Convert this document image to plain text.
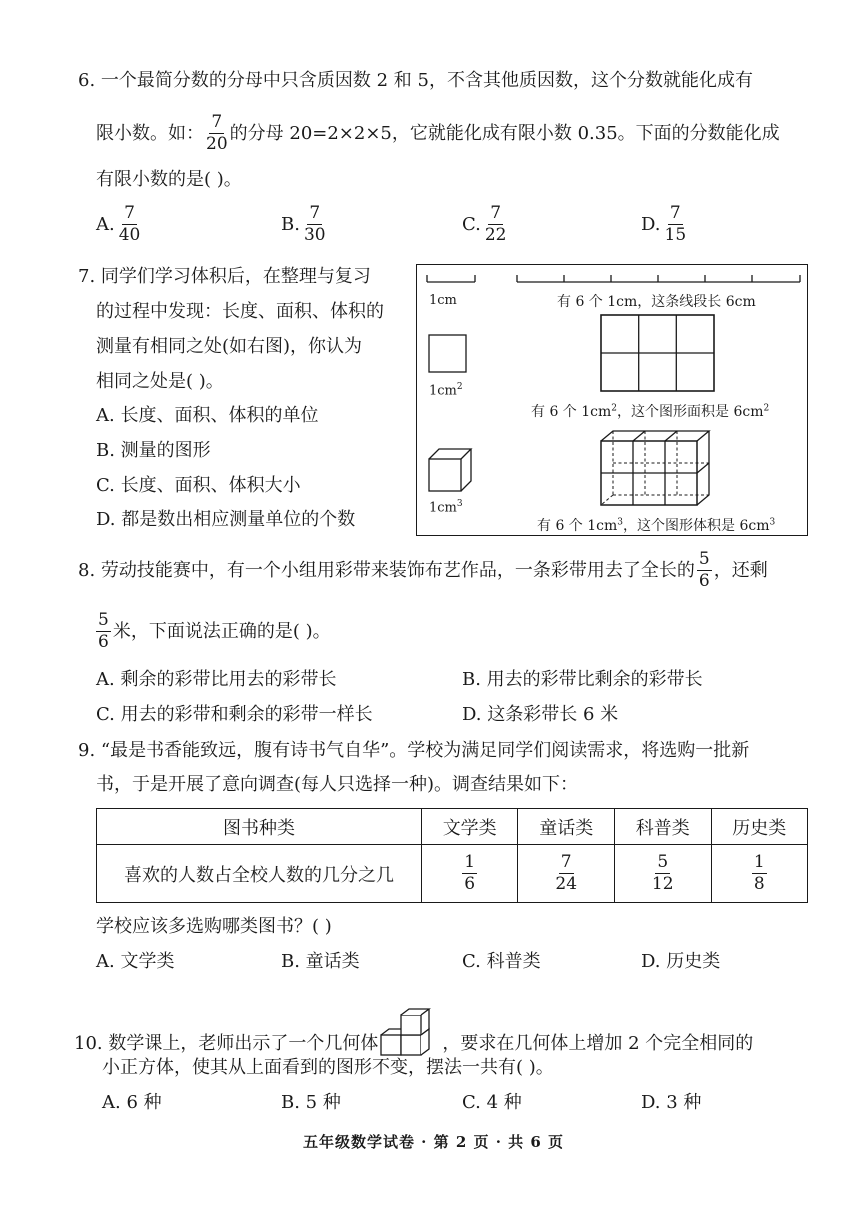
6. 一个最简分数的分母中只含质因数 2 和 5，不含其他质因数，这个分数就能化成有
限小数。如： $\frac{7}{20}$ 的分母 20=2×2×5，它就能化成有限小数 0.35。下面的分数能化成
有限小数的是( )。
A. $\frac{7}{40}$	B. $\frac{7}{30}$	C. $\frac{7}{22}$	D. $\frac{7}{15}$
7. 同学们学习体积后，在整理与复习
的过程中发现：长度、面积、体积的
测量有相同之处(如右图)，你认为
相同之处是( )。
A. 长度、面积、体积的单位
B. 测量的图形
C. 长度、面积、体积大小
D. 都是数出相应测量单位的个数
1cm	有 6 个 1cm，这条线段长 6cm
$1cm^2$
有 6 个 $1cm^2$，这个图形面积是 $6cm^2$
$1cm^3$
有 6 个 $1cm^3$，这个图形体积是 $6cm^3$
8. 劳动技能赛中，有一个小组用彩带来装饰布艺作品，一条彩带用去了全长的 $\frac{5}{6}$ ，还剩
$\frac{5}{6}$ 米，下面说法正确的是( )。
A. 剩余的彩带比用去的彩带长	B. 用去的彩带比剩余的彩带长
C. 用去的彩带和剩余的彩带一样长	D. 这条彩带长 6 米
9. “最是书香能致远，腹有诗书气自华”。学校为满足同学们阅读需求，将选购一批新
书，于是开展了意向调查(每人只选择一种)。调查结果如下：
图书种类	文学类	童话类	科普类	历史类
喜欢的人数占全校人数的几分之几	$\frac{1}{6}$	$\frac{7}{24}$	$\frac{5}{12}$	$\frac{1}{8}$
学校应该多选购哪类图书？( )
A. 文学类	B. 童话类	C. 科普类	D. 历史类
10. 数学课上，老师出示了一个几何体	，要求在几何体上增加 2 个完全相同的
小正方体，使其从上面看到的图形不变，摆法一共有( )。
A. 6 种	B. 5 种	C. 4 种	D. 3 种
五年级数学试卷 · 第 2 页 · 共 6 页
